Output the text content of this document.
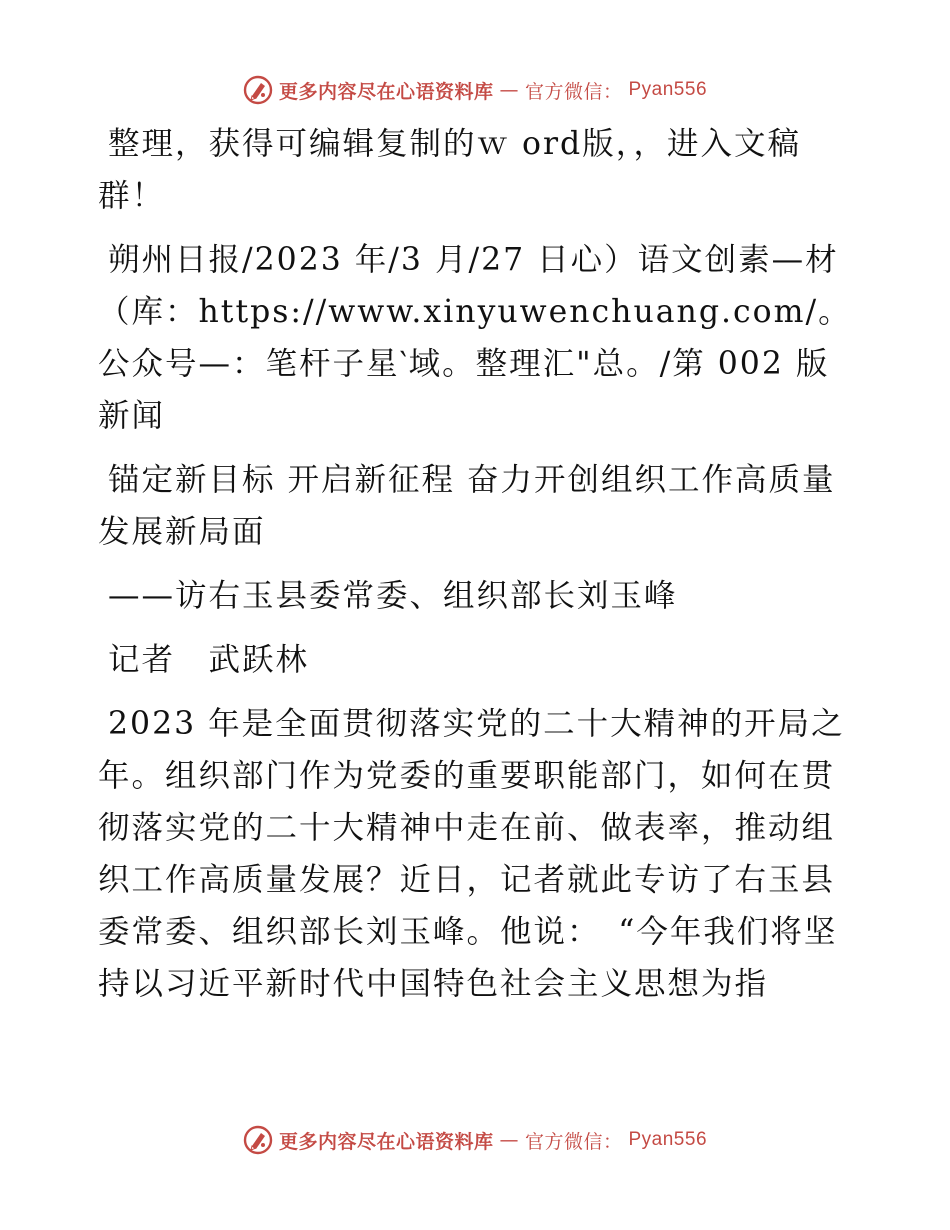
更多内容尽在心语资料库 — 官方微信： Pyan556

整理，获得可编辑复制的ｗ ord版，，进入文稿群！

朔州日报/2023 年/3 月/27 日心）语文创素—材（库：https://www.xinyuwenchuang.com/。公众号—：笔杆子星‵域。整理汇"总。/第 002 版新闻

锚定新目标 开启新征程 奋力开创组织工作高质量发展新局面

——访右玉县委常委、组织部长刘玉峰

记者　武跃林

2023 年是全面贯彻落实党的二十大精神的开局之年。组织部门作为党委的重要职能部门，如何在贯彻落实党的二十大精神中走在前、做表率，推动组织工作高质量发展？近日，记者就此专访了右玉县委常委、组织部长刘玉峰。他说：　“今年我们将坚持以习近平新时代中国特色社会主义思想为指

更多内容尽在心语资料库 — 官方微信： Pyan556
